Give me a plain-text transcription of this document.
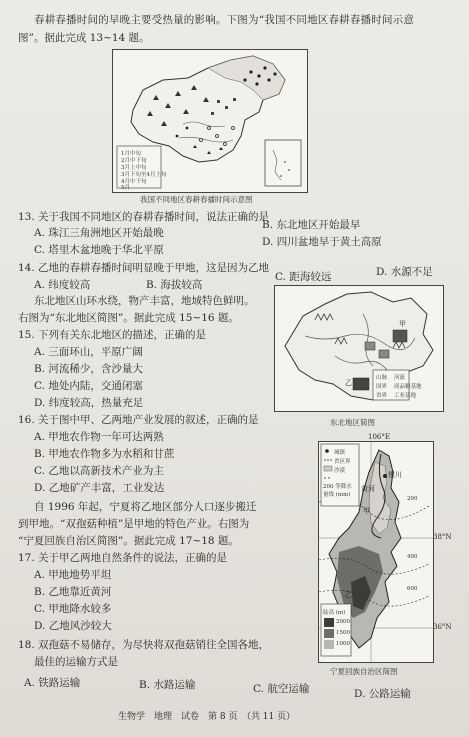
春耕春播时间的早晚主要受热量的影响。下图为“我国不同地区春耕春播时间示意
图”。据此完成 13~14 题。
1月中旬
2月中下旬
3月上中旬
3月下旬至4月上旬
4月中下旬
5月
我国不同地区春耕春播时间示意图
13. 关于我国不同地区的春耕春播时间，说法正确的是
A. 珠江三角洲地区开始最晚
B. 东北地区开始最早
C. 塔里木盆地晚于华北平原
D. 四川盆地早于黄土高原
14. 乙地的春耕春播时间明显晚于甲地，这是因为乙地
A. 纬度较高	B. 海拔较高
C. 距海较远	D. 水源不足
东北地区山环水绕，物产丰富，地域特色鲜明。
右图为“东北地区简图”。据此完成 15~16 题。	甲
乙
山脉 河流
国界 商品粮基地
省界 工业基地
东北地区简图
15. 下列有关东北地区的描述，正确的是
A. 三面环山，平原广阔
B. 河流稀少，含沙量大
C. 地处内陆，交通闭塞
D. 纬度较高，热量充足
16. 关于图中甲、乙两地产业发展的叙述，正确的是
A. 甲地农作物一年可达两熟
B. 甲地农作物多为水稻和甘蔗
C. 乙地以高新技术产业为主
D. 乙地矿产丰富，工业发达
自 1996 年起，宁夏将乙地区部分人口逐步搬迁
到甲地。“双孢菇种植”是甲地的特色产业。右图为
“宁夏回族自治区简图”。据此完成 17~18 题。
106°E
城镇
省区界
沙漠
200 等降水量线 (mm)
银川
黄河
甲
乙
200
400
600
陆高 (m)
2000
1500
1000
38°N
36°N
宁夏回族自治区简图
17. 关于甲乙两地自然条件的说法，正确的是
A. 甲地地势平坦
B. 乙地靠近黄河
C. 甲地降水较多
D. 乙地风沙较大
18. 双孢菇不易储存，为尽快将双孢菇销往全国各地，
最佳的运输方式是
A. 铁路运输	B. 水路运输	C. 航空运输	D. 公路运输
生物学　地理　试卷　第 8 页　（共 11 页）
